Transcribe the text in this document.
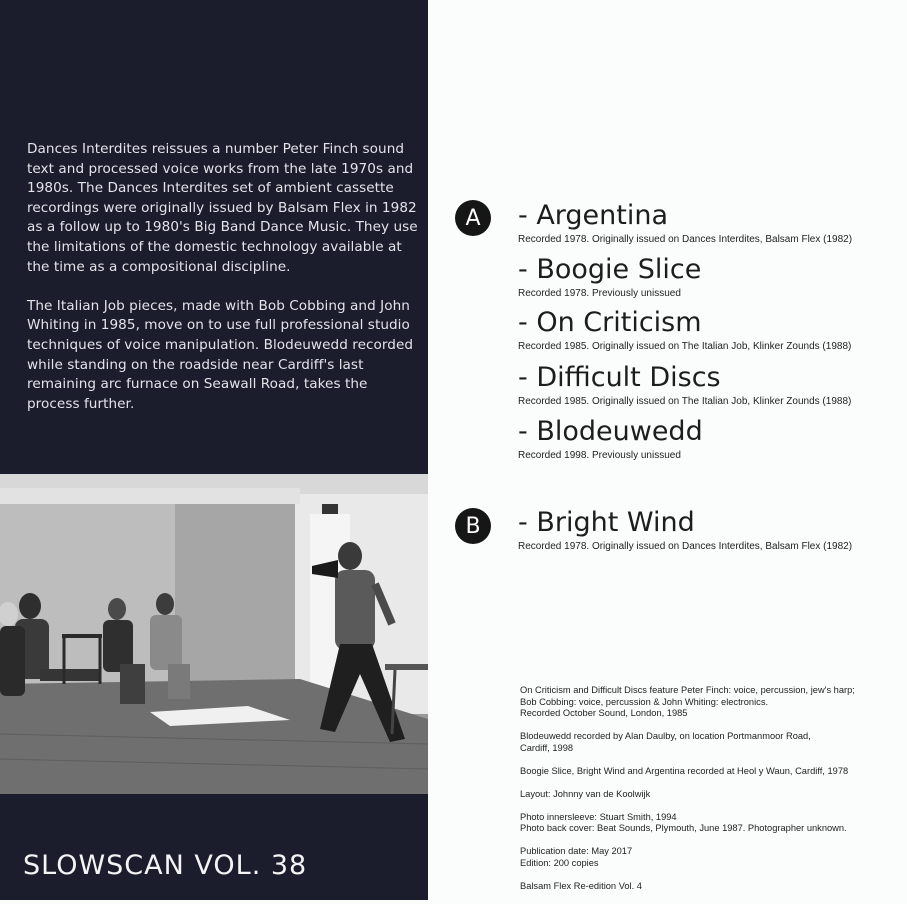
Dances Interdites reissues a number Peter Finch sound text and processed voice works from the late 1970s and 1980s. The Dances Interdites set of ambient cassette recordings were originally issued by Balsam Flex in 1982 as a follow up to 1980's Big Band Dance Music. They use the limitations of the domestic technology available at the time as a compositional discipline.

The Italian Job pieces, made with Bob Cobbing and John Whiting in 1985, move on to use full professional studio techniques of voice manipulation. Blodeuwedd recorded while standing on the roadside near Cardiff's last remaining arc furnace on Seawall Road, takes the process further.

SLOWSCAN VOL. 38
A
B
- Argentina
Recorded 1978. Originally issued on Dances Interdites, Balsam Flex (1982)
- Boogie Slice
Recorded 1978. Previously unissued
- On Criticism
Recorded 1985. Originally issued on The Italian Job, Klinker Zounds (1988)
- Difficult Discs
Recorded 1985. Originally issued on The Italian Job, Klinker Zounds (1988)
- Blodeuwedd
Recorded 1998. Previously unissued
- Bright Wind
Recorded 1978. Originally issued on Dances Interdites, Balsam Flex (1982)
On Criticism and Difficult Discs feature Peter Finch: voice, percussion, jew's harp;
Bob Cobbing: voice, percussion & John Whiting: electronics.
Recorded October Sound, London, 1985
Blodeuwedd recorded by Alan Daulby, on location Portmanmoor Road,
Cardiff, 1998
Boogie Slice, Bright Wind and Argentina recorded at Heol y Waun, Cardiff, 1978
Layout: Johnny van de Koolwijk
Photo innersleeve: Stuart Smith, 1994
Photo back cover: Beat Sounds, Plymouth, June 1987. Photographer unknown.
Publication date: May 2017
Edition: 200 copies
Balsam Flex Re-edition Vol. 4
